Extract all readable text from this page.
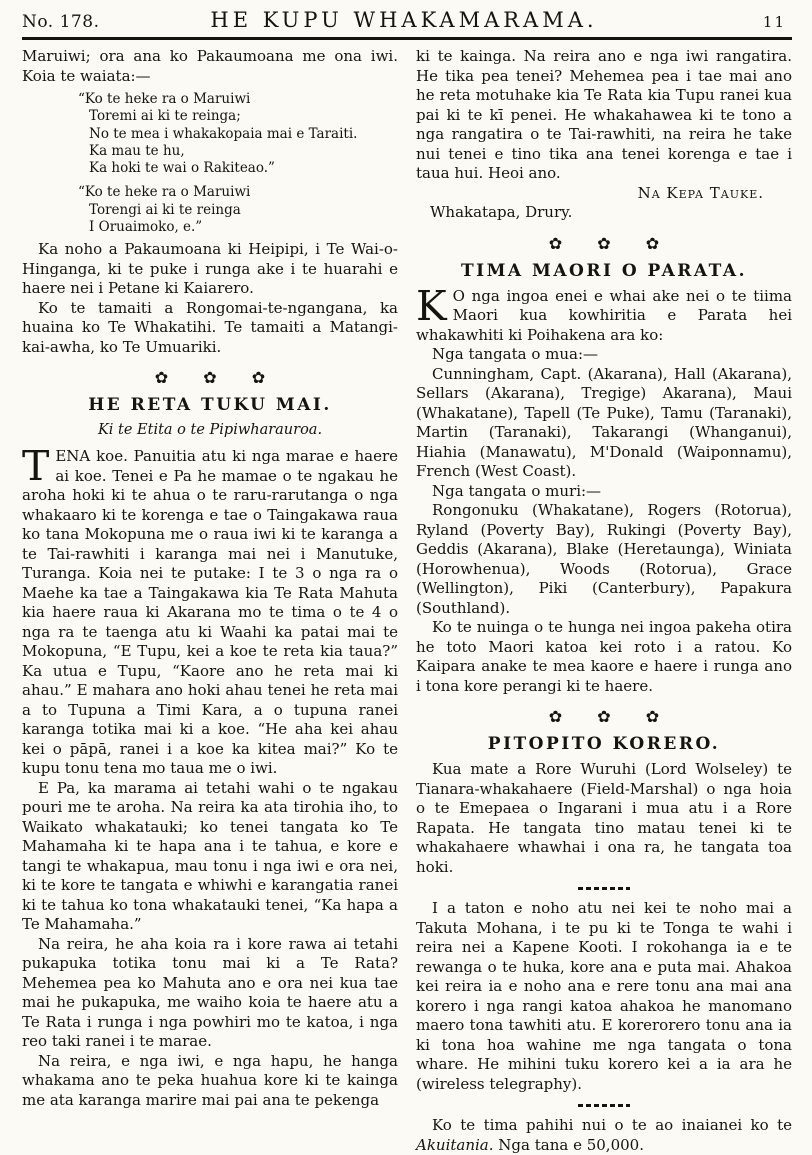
No. 178.	HE KUPU WHAKAMARAMA.	11

Maruiwi; ora ana ko Pakaumoana me ona iwi. Koia te waiata:—

“Ko te heke ra o Maruiwi
Toremi ai ki te reinga;
No te mea i whakakopaia mai e Taraiti.
Ka mau te hu,
Ka hoki te wai o Rakiteao.”
“Ko te heke ra o Maruiwi
Torengi ai ki te reinga
I Oruaimoko, e.”

Ka noho a Pakaumoana ki Heipipi, i Te Wai-o-Hinganga, ki te puke i runga ake i te huarahi e haere nei i Petane ki Kaiarero.

Ko te tamaiti a Rongomai-te-ngangana, ka huaina ko Te Whakatihi. Te tamaiti a Matangi-kai-awha, ko Te Umuariki.

✿ ✿ ✿

HE RETA TUKU MAI.

Ki te Etita o te Pipiwharauroa.

TENA koe. Panuitia atu ki nga marae e haere ai koe. Tenei e Pa he mamae o te ngakau he aroha hoki ki te ahua o te raru-rarutanga o nga whakaaro ki te korenga e tae o Taingakawa raua ko tana Mokopuna me o raua iwi ki te karanga a te Tai-rawhiti i karanga mai nei i Manutuke, Turanga. Koia nei te putake: I te 3 o nga ra o Maehe ka tae a Taingakawa kia Te Rata Mahuta kia haere raua ki Akarana mo te tima o te 4 o nga ra te taenga atu ki Waahi ka patai mai te Mokopuna, “E Tupu, kei a koe te reta kia taua?” Ka utua e Tupu, “Kaore ano he reta mai ki ahau.” E mahara ano hoki ahau tenei he reta mai a to Tupuna a Timi Kara, a o tupuna ranei karanga totika mai ki a koe. “He aha kei ahau kei o pāpā, ranei i a koe ka kitea mai?” Ko te kupu tonu tena mo taua me o iwi.

E Pa, ka marama ai tetahi wahi o te ngakau pouri me te aroha. Na reira ka ata tirohia iho, to Waikato whakatauki; ko tenei tangata ko Te Mahamaha ki te hapa ana i te tahua, e kore e tangi te whakapua, mau tonu i nga iwi e ora nei, ki te kore te tangata e whiwhi e karangatia ranei ki te tahua ko tona whakatauki tenei, “Ka hapa a Te Mahamaha.”

Na reira, he aha koia ra i kore rawa ai tetahi pukapuka totika tonu mai ki a Te Rata? Mehemea pea ko Mahuta ano e ora nei kua tae mai he pukapuka, me waiho koia te haere atu a Te Rata i runga i nga powhiri mo te katoa, i nga reo taki ranei i te marae.

Na reira, e nga iwi, e nga hapu, he hanga whakama ano te peka huahua kore ki te kainga me ata karanga marire mai pai ana te pekenga

ki te kainga. Na reira ano e nga iwi rangatira. He tika pea tenei? Mehemea pea i tae mai ano he reta motuhake kia Te Rata kia Tupu ranei kua pai ki te kī penei. He whakahawea ki te tono a nga rangatira o te Tai-rawhiti, na reira he take nui tenei e tino tika ana tenei korenga e tae i taua hui. Heoi ano.

Na Kepa Tauke.

Whakatapa, Drury.

✿ ✿ ✿

TIMA MAORI O PARATA.

K O nga ingoa enei e whai ake nei o te tiima Maori kua kowhiritia e Parata hei whakawhiti ki Poihakena ara ko:

Nga tangata o mua:—

Cunningham, Capt. (Akarana), Hall (Akarana), Sellars (Akarana), Tregige) Akarana), Maui (Whakatane), Tapell (Te Puke), Tamu (Taranaki), Martin (Taranaki), Takarangi (Whanganui), Hiahia (Manawatu), M'Donald (Waiponnamu), French (West Coast).

Nga tangata o muri:—

Rongonuku (Whakatane), Rogers (Rotorua), Ryland (Poverty Bay), Rukingi (Poverty Bay), Geddis (Akarana), Blake (Heretaunga), Winiata (Horowhenua), Woods (Rotorua), Grace (Wellington), Piki (Canterbury), Papakura (Southland).

Ko te nuinga o te hunga nei ingoa pakeha otira he toto Maori katoa kei roto i a ratou. Ko Kaipara anake te mea kaore e haere i runga ano i tona kore perangi ki te haere.

✿ ✿ ✿

PITOPITO KORERO.

Kua mate a Rore Wuruhi (Lord Wolseley) te Tianara-whakahaere (Field-Marshal) o nga hoia o te Emepaea o Ingarani i mua atu i a Rore Rapata. He tangata tino matau tenei ki te whakahaere whawhai i ona ra, he tangata toa hoki.

I a taton e noho atu nei kei te noho mai a Takuta Mohana, i te pu ki te Tonga te wahi i reira nei a Kapene Kooti. I rokohanga ia e te rewanga o te huka, kore ana e puta mai. Ahakoa kei reira ia e noho ana e rere tonu ana mai ana korero i nga rangi katoa ahakoa he manomano maero tona tawhiti atu. E korerorero tonu ana ia ki tona hoa wahine me nga tangata o tona whare. He mihini tuku korero kei a ia ara he (wireless telegraphy).

Ko te tima pahihi nui o te ao inaianei ko te Akuitania. Nga tana e 50,000.
